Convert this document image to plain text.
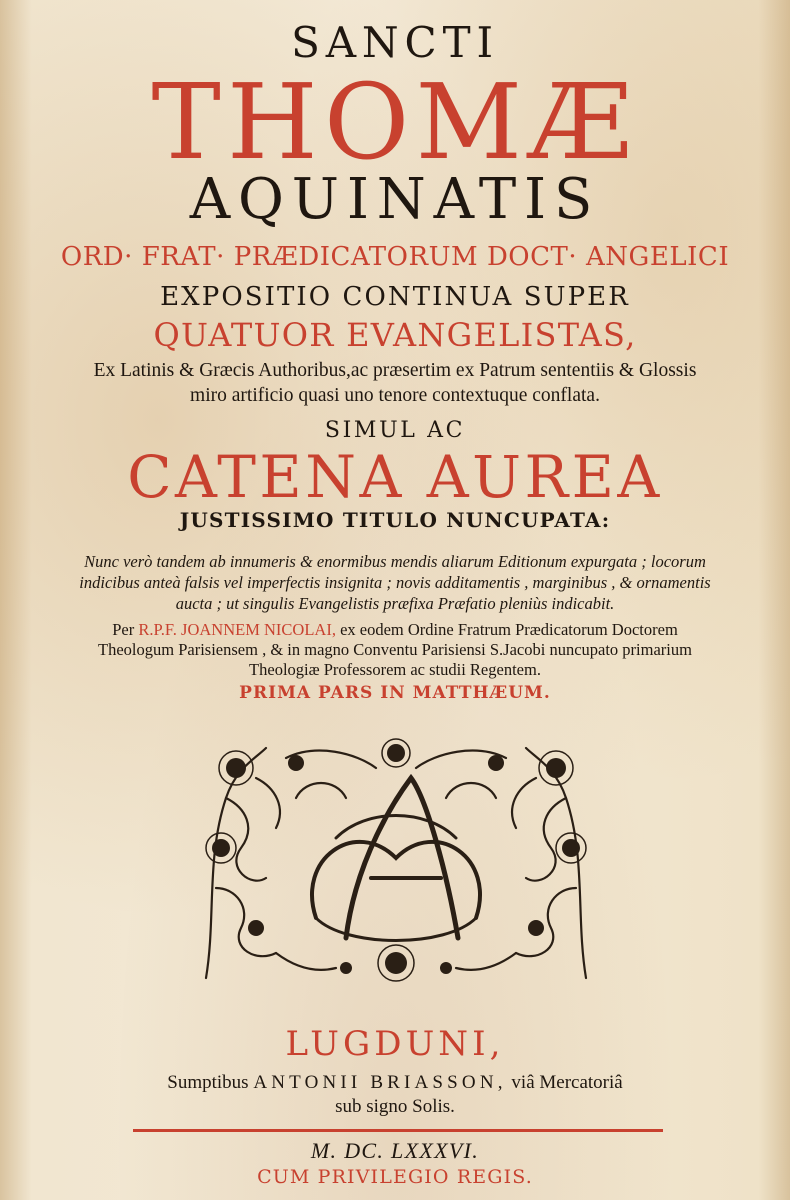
SANCTI
THOMÆ
AQUINATIS
ORD· FRAT· PRÆDICATORUM DOCT· ANGELICI
EXPOSITIO CONTINUA SUPER
QUATUOR EVANGELISTAS,
Ex Latinis & Græcis Authoribus,ac præsertim ex Patrum sententiis & Glossis
miro artificio quasi uno tenore contextuque conflata.
SIMUL AC
CATENA AUREA
JUSTISSIMO TITULO NUNCUPATA:
Nunc verò tandem ab innumeris & enormibus mendis aliarum Editionum expurgata ; locorum
indicibus anteà falsis vel imperfectis insignita ; novis additamentis , marginibus , & ornamentis
aucta ; ut singulis Evangelistis præfixa Præfatio pleniùs indicabit.
Per R.P.F. JOANNEM NICOLAI, ex eodem Ordine Fratrum Prædicatorum Doctorem
Theologum Parisiensem , & in magno Conventu Parisiensi S.Jacobi nuncupato primarium
Theologiæ Professorem ac studii Regentem.
PRIMA PARS IN MATTHÆUM.
LUGDUNI,
Sumptibus ANTONII BRIASSON, viâ Mercatoriâ
sub signo Solis.
M. DC. LXXXVI.
CUM PRIVILEGIO REGIS.
